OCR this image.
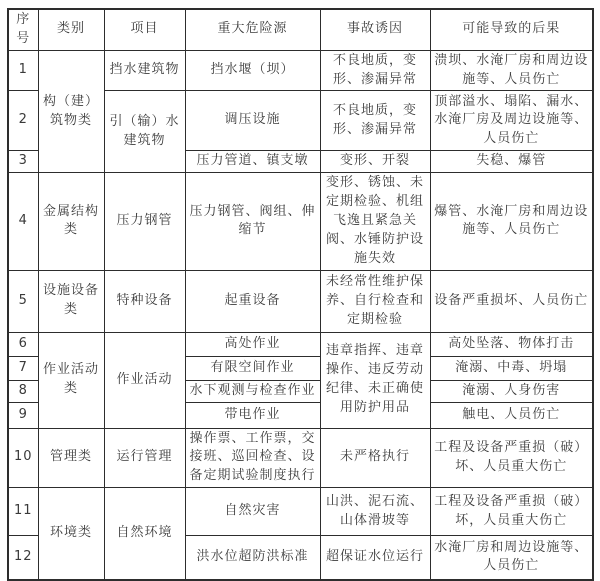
序号	类别	项目	重大危险源	事故诱因	可能导致的后果
1	构（建）筑物类	挡水建筑物	挡水堰（坝）	不良地质，变形、渗漏异常	溃坝、水淹厂房和周边设施等、人员伤亡
2		引（输）水建筑物	调压设施	不良地质，变形、渗漏异常	顶部溢水、塌陷、漏水、水淹厂房及周边设施等、人员伤亡
3			压力管道、镇支墩	变形、开裂	失稳、爆管
4	金属结构类	压力钢管	压力钢管、阀组、伸缩节	变形、锈蚀、未定期检验、机组飞逸且紧急关阀、水锤防护设施失效	爆管、水淹厂房和周边设施等、人员伤亡
5	设施设备类	特种设备	起重设备	未经常性维护保养、自行检查和定期检验	设备严重损坏、人员伤亡
6	作业活动类	作业活动	高处作业	违章指挥、违章操作、违反劳动纪律、未正确使用防护用品	高处坠落、物体打击
7			有限空间作业		淹溺、中毒、坍塌
8			水下观测与检查作业		淹溺、人身伤害
9			带电作业		触电、人员伤亡
10	管理类	运行管理	操作票、工作票，交接班、巡回检查、设备定期试验制度执行	未严格执行	工程及设备严重损（破）坏、人员重大伤亡
11	环境类	自然环境	自然灾害	山洪、泥石流、山体滑坡等	工程及设备严重损（破）坏，人员重大伤亡
12			洪水位超防洪标准	超保证水位运行	水淹厂房和周边设施等、人员伤亡
